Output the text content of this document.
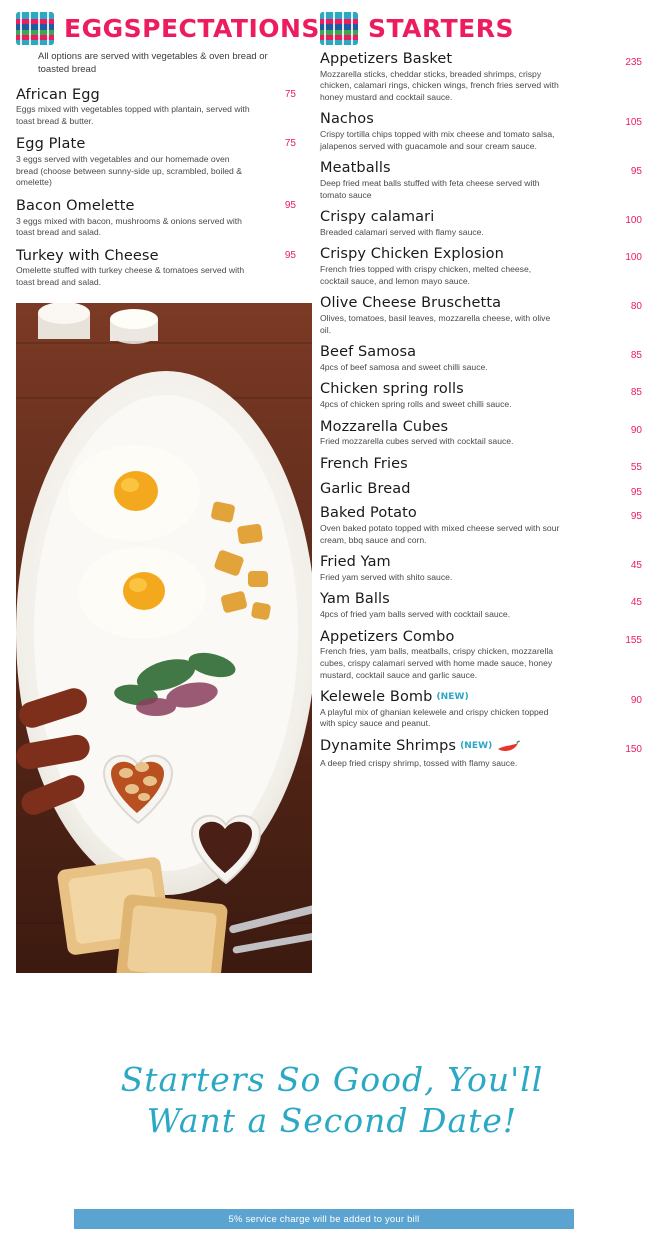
EGGSPECTATIONS
All options are served with vegetables & oven bread or toasted bread
African Egg
Eggs mixed with vegetables topped with plantain, served with toast bread & butter.
75
Egg Plate
3 eggs served with vegetables and our homemade oven bread (choose between sunny-side up, scrambled, boiled & omelette)
75
Bacon Omelette
3 eggs mixed with bacon, mushrooms & onions served with toast bread and salad.
95
Turkey with Cheese
Omelette stuffed with turkey cheese & tomatoes served with toast bread and salad.
95
STARTERS
Appetizers Basket
Mozzarella sticks, cheddar sticks, breaded shrimps, crispy chicken, calamari rings, chicken wings, french fries served with honey mustard and cocktail sauce.
235
Nachos
Crispy tortilla chips topped with mix cheese and tomato salsa, jalapenos served with guacamole and sour cream sauce.
105
Meatballs
Deep fried meat balls stuffed with feta cheese served with tomato sauce
95
Crispy calamari
Breaded calamari served with flamy sauce.
100
Crispy Chicken Explosion
French fries topped with crispy chicken, melted cheese, cocktail sauce, and lemon mayo sauce.
100
Olive Cheese Bruschetta
Olives, tomatoes, basil leaves, mozzarella cheese, with olive oil.
80
Beef Samosa
4pcs of beef samosa and sweet chilli sauce.
85
Chicken spring rolls
4pcs of chicken spring rolls and sweet chilli sauce.
85
Mozzarella Cubes
Fried mozzarella cubes served with cocktail sauce.
90
French Fries	55
Garlic Bread	95
Baked Potato
Oven baked potato topped with mixed cheese served with sour cream, bbq sauce and corn.
95
Fried Yam
Fried yam served with shito sauce.
45
Yam Balls
4pcs of fried yam balls served with cocktail sauce.
45
Appetizers Combo
French fries, yam balls, meatballs, crispy chicken, mozzarella cubes, crispy calamari served with home made sauce, honey mustard, cocktail sauce and garlic sauce.
155
Kelewele Bomb (NEW)
A playful mix of ghanian kelewele and crispy chicken topped with spicy sauce and peanut.
90
Dynamite Shrimps (NEW)
A deep fried crispy shrimp, tossed with flamy sauce.
150
Starters So Good, You'll
Want a Second Date!
5% service charge will be added to your bill
